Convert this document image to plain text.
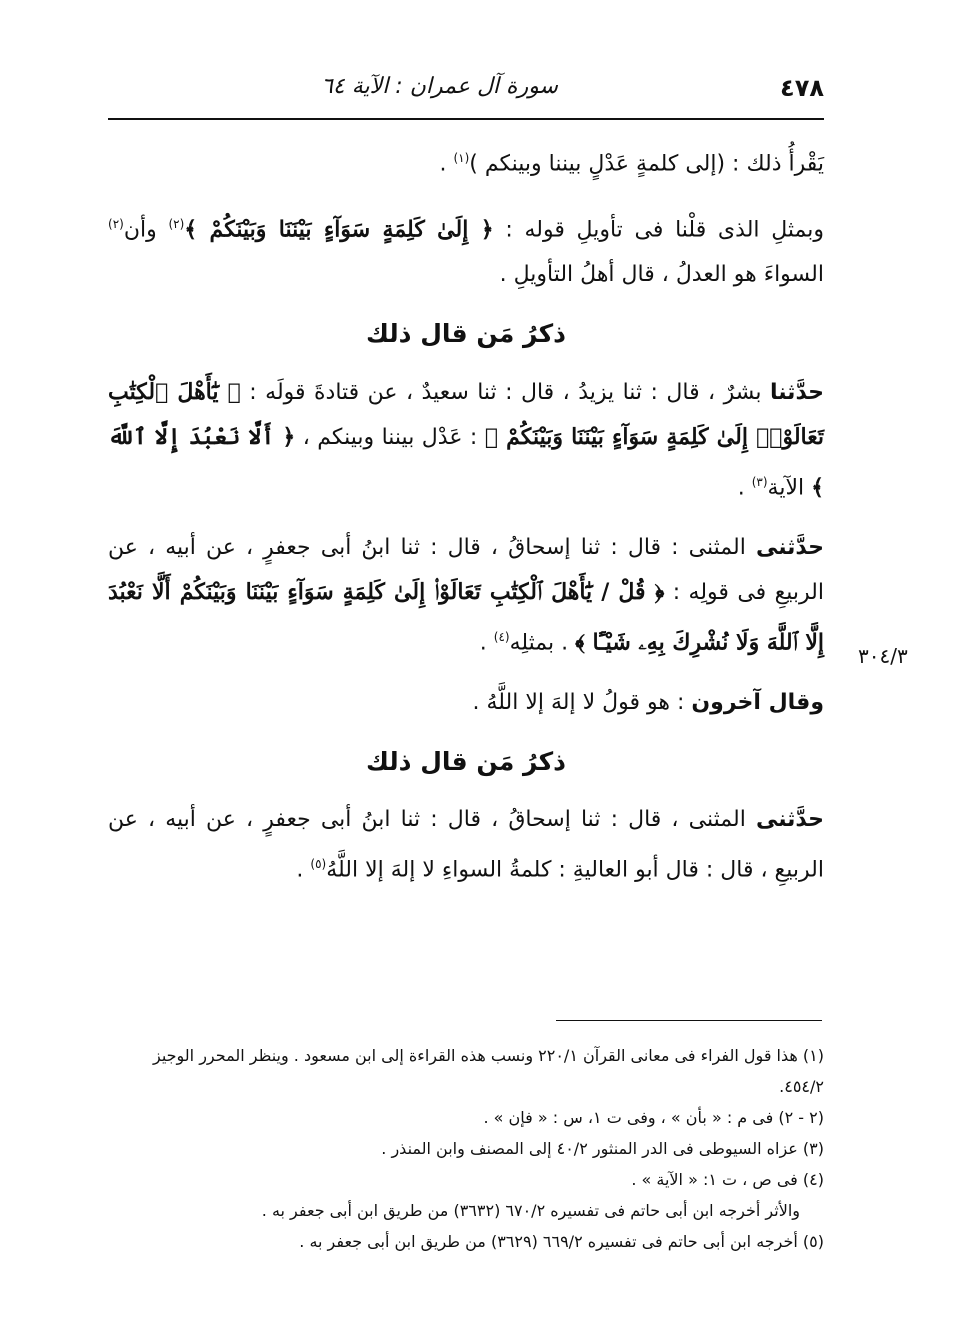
٤٧٨
سورة آل عمران : الآية ٦٤
٣٠٤/٣

يَقْرأُ ذلك : (إلى كلمةٍ عَدْلٍ بيننا وبينكم )$^{(١)}$ .

وبمثلِ الذى قلْنا فى تأويلِ قوله : ﴿ إِلَىٰ كَلِمَةٍ سَوَآءٍ بَيْنَنَا وَبَيْنَكُمْ ﴾$^{(٢)}$ وأن$^{(٢)}$ السواءَ هو العدلُ ، قال أهلُ التأويلِ .

ذكرُ مَن قال ذلك

حدَّثنا بشرٌ ، قال : ثنا يزيدُ ، قال : ثنا سعيدٌ ، عن قتادةَ قولَه : ﴿ يَٰٓأَهْلَ ٱلْكِتَٰبِ تَعَالَوْا۟ إِلَىٰ كَلِمَةٍ سَوَآءٍ بَيْنَنَا وَبَيْنَكُمْ ﴾ : عَدْل بيننا وبينكم ، ﴿ أَلَّا نَعْبُدَ إِلَّا ٱللَّهَ ﴾ الآية$^{(٣)}$ .

حدَّثنى المثنى : قال : ثنا إسحاقُ ، قال : ثنا ابنُ أبى جعفرٍ ، عن أبيه ، عن الربيعِ فى قولِه : ﴿ قُلْ / يَٰٓأَهْلَ ٱلْكِتَٰبِ تَعَالَوْا۟ إِلَىٰ كَلِمَةٍ سَوَآءٍ بَيْنَنَا وَبَيْنَكُمْ أَلَّا نَعْبُدَ إِلَّا ٱللَّهَ وَلَا نُشْرِكَ بِهِۦ شَيْـًٔا ﴾ . بمثلِه$^{(٤)}$ .

وقال آخرون : هو قولُ لا إلهَ إلا اللَّهُ .

ذكرُ مَن قال ذلك

حدَّثنى المثنى ، قال : ثنا إسحاقُ ، قال : ثنا ابنُ أبى جعفرٍ ، عن أبيه ، عن الربيعِ ، قال : قال أبو العاليةِ : كلمةُ السواءِ لا إلهَ إلا اللَّهُ$^{(٥)}$ .

(١) هذا قول الفراء فى معانى القرآن ٢٢٠/١ ونسب هذه القراءة إلى ابن مسعود . وينظر المحرر الوجيز ٤٥٤/٢.

(٢ - ٢) فى م : « بأن » ، وفى ت ١، س : « فإن » .

(٣) عزاه السيوطى فى الدر المنثور ٤٠/٢ إلى المصنف وابن المنذر .

(٤) فى ص ، ت ١: « الآية » .

والأثر أخرجه ابن أبى حاتم فى تفسيره ٦٧٠/٢ (٣٦٣٢) من طريق ابن أبى جعفر به .

(٥) أخرجه ابن أبى حاتم فى تفسيره ٦٦٩/٢ (٣٦٢٩) من طريق ابن أبى جعفر به .
